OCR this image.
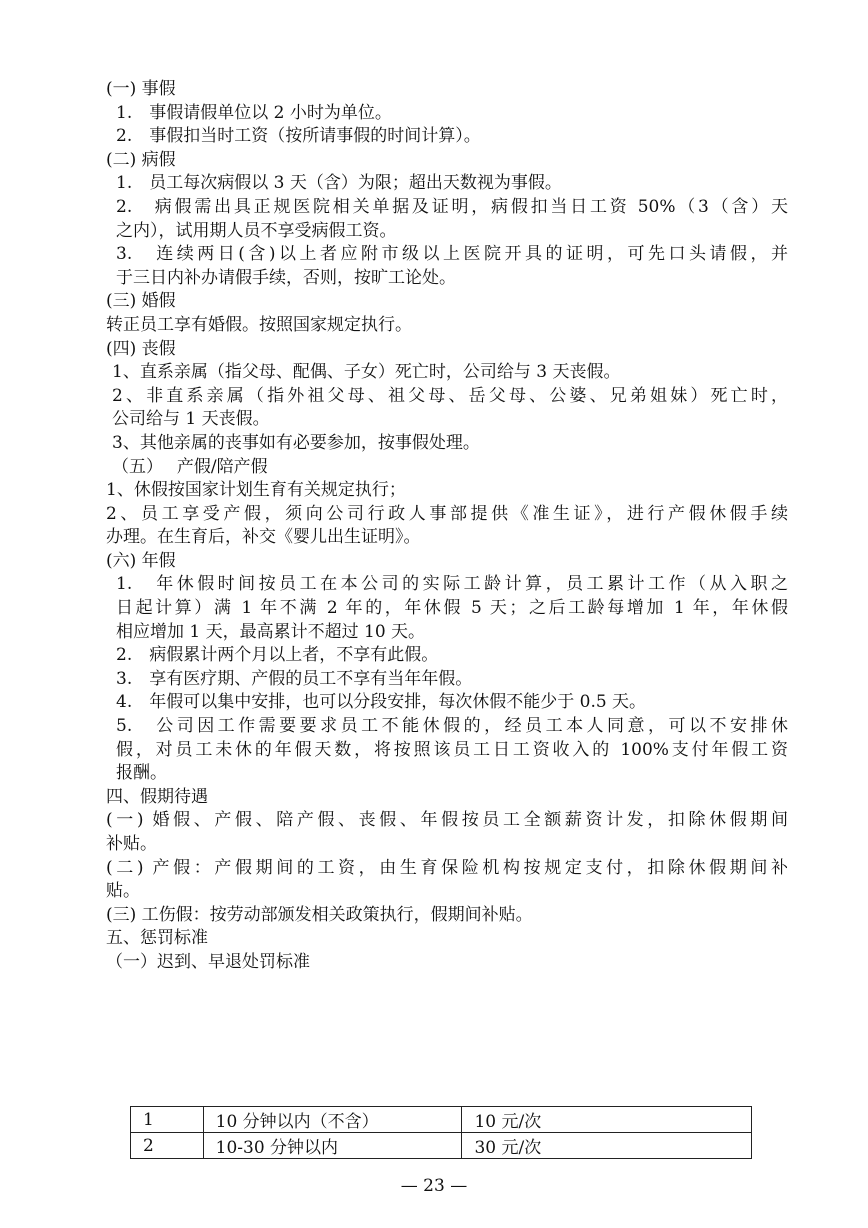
(一) 事假
1.　事假请假单位以 2 小时为单位。
2.　事假扣当时工资（按所请事假的时间计算）。
(二) 病假
1.　员工每次病假以 3 天（含）为限；超出天数视为事假。
2.　病假需出具正规医院相关单据及证明，病假扣当日工资 50%（3（含）天
之内），试用期人员不享受病假工资。
3.　连续两日(含)以上者应附市级以上医院开具的证明，可先口头请假，并
于三日内补办请假手续，否则，按旷工论处。
(三) 婚假
转正员工享有婚假。按照国家规定执行。
(四) 丧假
1、直系亲属（指父母、配偶、子女）死亡时，公司给与 3 天丧假。
2、非直系亲属（指外祖父母、祖父母、岳父母、公婆、兄弟姐妹）死亡时，
公司给与 1 天丧假。
3、其他亲属的丧事如有必要参加，按事假处理。
（五）　 产假/陪产假
1、休假按国家计划生育有关规定执行；
2、员工享受产假，须向公司行政人事部提供《准生证》，进行产假休假手续
办理。在生育后，补交《婴儿出生证明》。
(六) 年假
1.　年休假时间按员工在本公司的实际工龄计算，员工累计工作（从入职之
日起计算）满 1 年不满 2 年的，年休假 5 天；之后工龄每增加 1 年，年休假
相应增加 1 天，最高累计不超过 10 天。
2.　病假累计两个月以上者，不享有此假。
3.　享有医疗期、产假的员工不享有当年年假。
4.　年假可以集中安排，也可以分段安排，每次休假不能少于 0.5 天。
5.　公司因工作需要要求员工不能休假的，经员工本人同意，可以不安排休
假，对员工未休的年假天数，将按照该员工日工资收入的 100%支付年假工资
报酬。
四、假期待遇
(一) 婚假、产假、陪产假、丧假、年假按员工全额薪资计发，扣除休假期间
补贴。
(二) 产假：产假期间的工资，由生育保险机构按规定支付，扣除休假期间补
贴。
(三) 工伤假：按劳动部颁发相关政策执行，假期间补贴。
五、惩罚标准
（一）迟到、早退处罚标准
1	10 分钟以内（不含）	10 元/次
2	10-30 分钟以内	30 元/次
— 23 —
